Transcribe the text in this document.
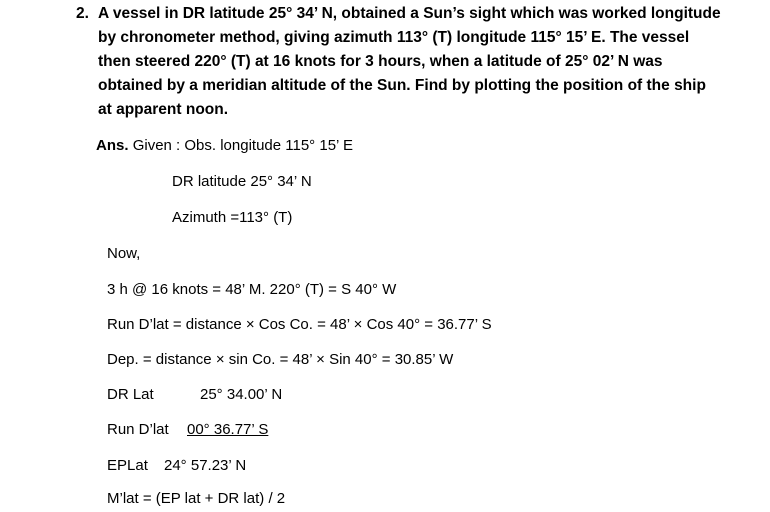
2. A vessel in DR latitude 25° 34’ N, obtained a Sun’s sight which was worked longitude
by chronometer method, giving azimuth 113° (T) longitude 115° 15’ E. The vessel
then steered 220° (T) at 16 knots for 3 hours, when a latitude of 25° 02’ N was
obtained by a meridian altitude of the Sun. Find by plotting the position of the ship
at apparent noon.
Ans. Given : Obs. longitude 115° 15’ E
DR latitude 25° 34’ N
Azimuth =113° (T)
Now,
3 h @ 16 knots = 48’ M. 220° (T) = S 40° W
Run D’lat = distance × Cos Co. = 48’ × Cos 40° = 36.77’ S
Dep. = distance × sin Co. = 48’ × Sin 40° = 30.85’ W
DR Lat	25° 34.00’ N
Run D’lat 00° 36.77’ S
EPLat 24° 57.23’ N
M’lat = (EP lat + DR lat) / 2
